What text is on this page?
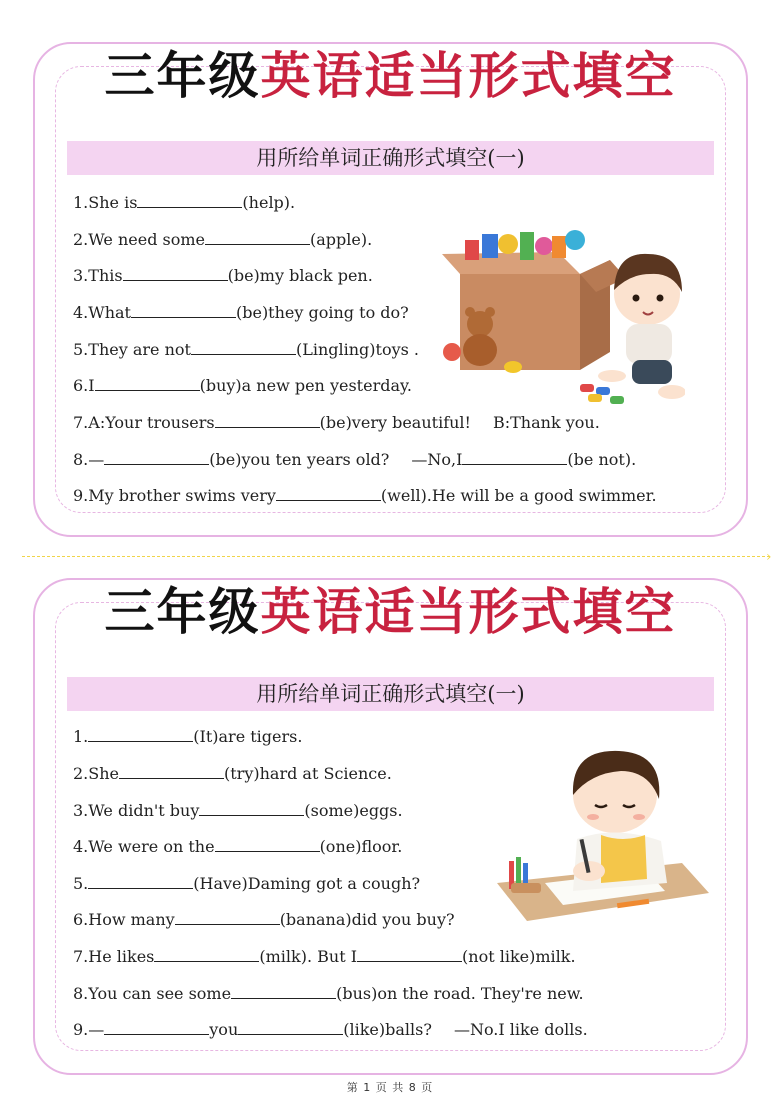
三年级英语适当形式填空
用所给单词正确形式填空(一)
1.She is	(help).
2.We need some	(apple).
3.This	(be)my black pen.
4.What	(be)they going to do?
5.They are not	(Lingling)toys .
6.I	(buy)a new pen yesterday.
7.A:Your trousers	(be)very beautiful! B:Thank you.
8.—	(be)you ten years old? —No,I	(be not).
9.My brother swims very	(well).He will be a good swimmer.
›
三年级英语适当形式填空
用所给单词正确形式填空(一)
1.	(It)are tigers.
2.She	(try)hard at Science.
3.We didn't buy	(some)eggs.
4.We were on the	(one)floor.
5.	(Have)Daming got a cough?
6.How many	(banana)did you buy?
7.He likes	(milk). But I	(not like)milk.
8.You can see some	(bus)on the road. They're new.
9.—	you	(like)balls? —No.I like dolls.
第 1 页 共 8 页
